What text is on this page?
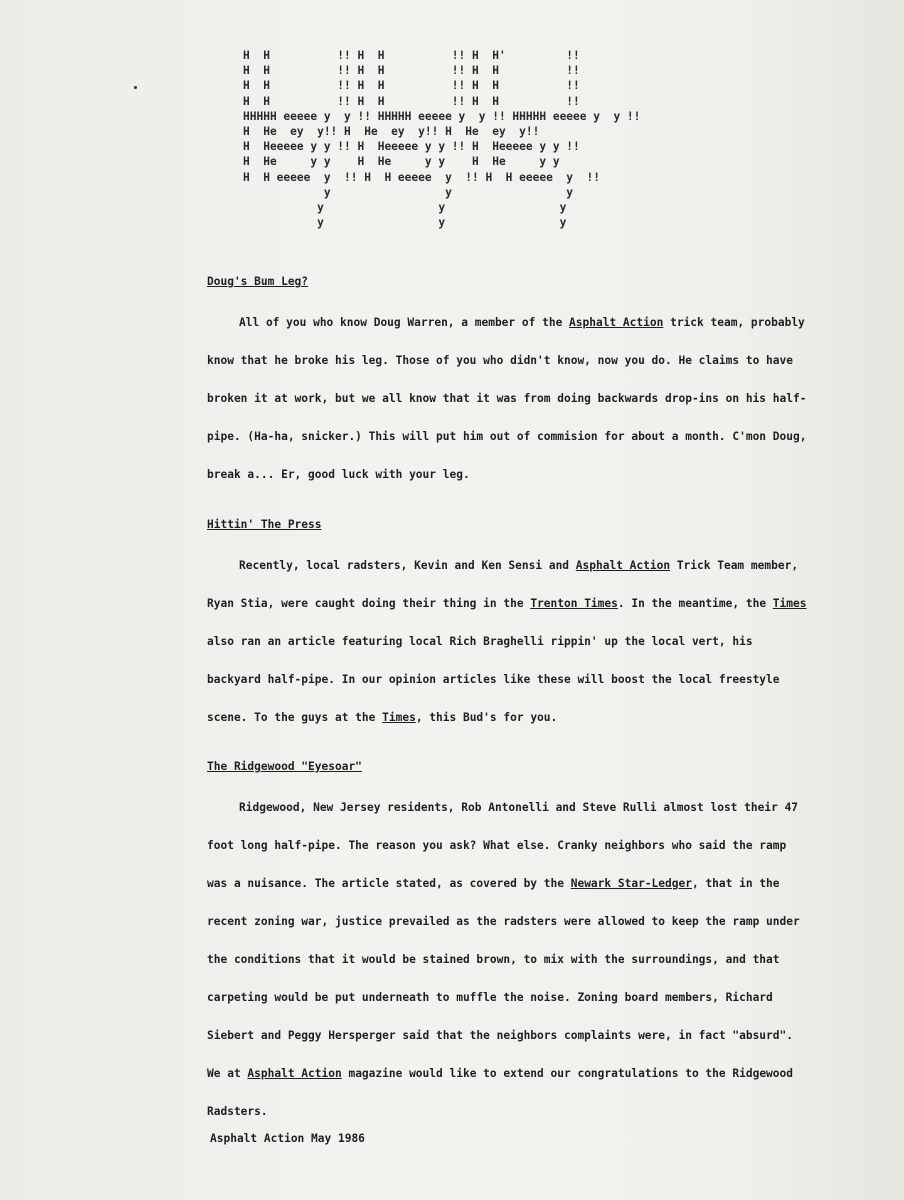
H  H          !! H  H          !! H  H'         !!
H  H          !! H  H          !! H  H          !!
H  H          !! H  H          !! H  H          !!
H  H          !! H  H          !! H  H          !!
HHHHH eeeee y  y !! HHHHH eeeee y  y !! HHHHH eeeee y  y !!
H  He  ey  y!! H  He  ey  y!! H  He  ey  y!!
H  Heeeee y y !! H  Heeeee y y !! H  Heeeee y y !!
H  He     y y    H  He     y y    H  He     y y
H  H eeeee  y  !! H  H eeeee  y  !! H  H eeeee  y  !!
y                 y                 y
y                 y                 y
y                 y                 y

Doug's Bum Leg?

All of you who know Doug Warren, a member of the Asphalt Action trick team, probably know that he broke his leg. Those of you who didn't know, now you do. He claims to have broken it at work, but we all know that it was from doing backwards drop-ins on his half-pipe. (Ha-ha, snicker.) This will put him out of commision for about a month. C'mon Doug, break a... Er, good luck with your leg.

Hittin' The Press

Recently, local radsters, Kevin and Ken Sensi and Asphalt Action Trick Team member, Ryan Stia, were caught doing their thing in the Trenton Times. In the meantime, the Times also ran an article featuring local Rich Braghelli rippin' up the local vert, his backyard half-pipe. In our opinion articles like these will boost the local freestyle scene. To the guys at the Times, this Bud's for you.

The Ridgewood "Eyesoar"

Ridgewood, New Jersey residents, Rob Antonelli and Steve Rulli almost lost their 47 foot long half-pipe. The reason you ask? What else. Cranky neighbors who said the ramp was a nuisance. The article stated, as covered by the Newark Star-Ledger, that in the recent zoning war, justice prevailed as the radsters were allowed to keep the ramp under the conditions that it would be stained brown, to mix with the surroundings, and that carpeting would be put underneath to muffle the noise. Zoning board members, Richard Siebert and Peggy Hersperger said that the neighbors complaints were, in fact "absurd". We at Asphalt Action magazine would like to extend our congratulations to the Ridgewood Radsters.

Asphalt Action May 1986
